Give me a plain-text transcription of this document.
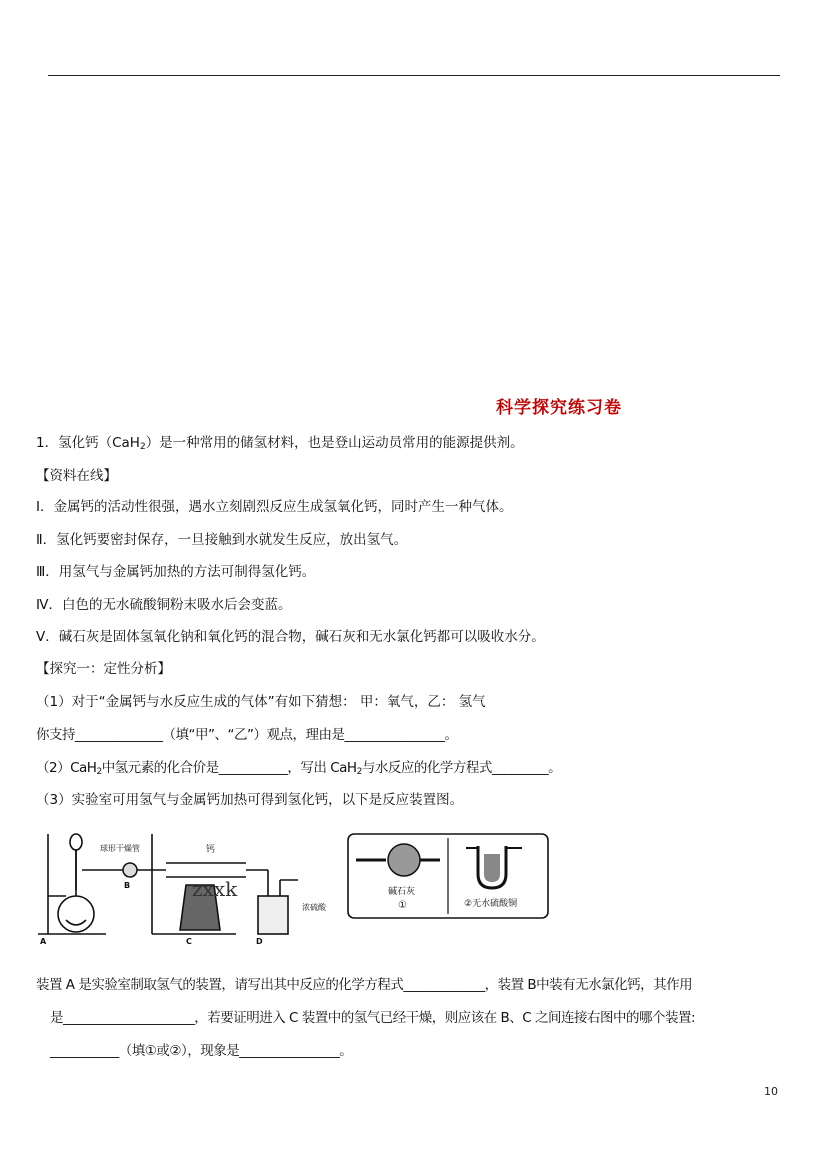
科学探究练习卷
1．氢化钙（CaH$_2$）是一种常用的储氢材料，也是登山运动员常用的能源提供剂。
【资料在线】
Ⅰ．金属钙的活动性很强，遇水立刻剧烈反应生成氢氧化钙，同时产生一种气体。
Ⅱ．氢化钙要密封保存，一旦接触到水就发生反应，放出氢气。
Ⅲ．用氢气与金属钙加热的方法可制得氢化钙。
Ⅳ．白色的无水硫酸铜粉末吸水后会变蓝。
Ⅴ．碱石灰是固体氢氧化钠和氧化钙的混合物，碱石灰和无水氯化钙都可以吸收水分。
【探究一：定性分析】
（1）对于“金属钙与水反应生成的气体”有如下猜想： 甲：氧气，乙： 氢气
你支持______________（填“甲”、“乙”）观点，理由是________________。
（2）CaH$_2$中氢元素的化合价是___________，写出 CaH$_2$与水反应的化学方程式_________。
（3）实验室可用氢气与金属钙加热可得到氢化钙，以下是反应装置图。
球形干燥管	钙
zxxk
浓硫酸
A
B
C	D
碱石灰
①	②无水硫酸铜
装置 A 是实验室制取氢气的装置，请写出其中反应的化学方程式_____________，装置 B中装有无水氯化钙，其作用
是_____________________，若要证明进入 C 装置中的氢气已经干燥，则应该在 B、C 之间连接右图中的哪个装置:
___________（填①或②），现象是________________。
10
